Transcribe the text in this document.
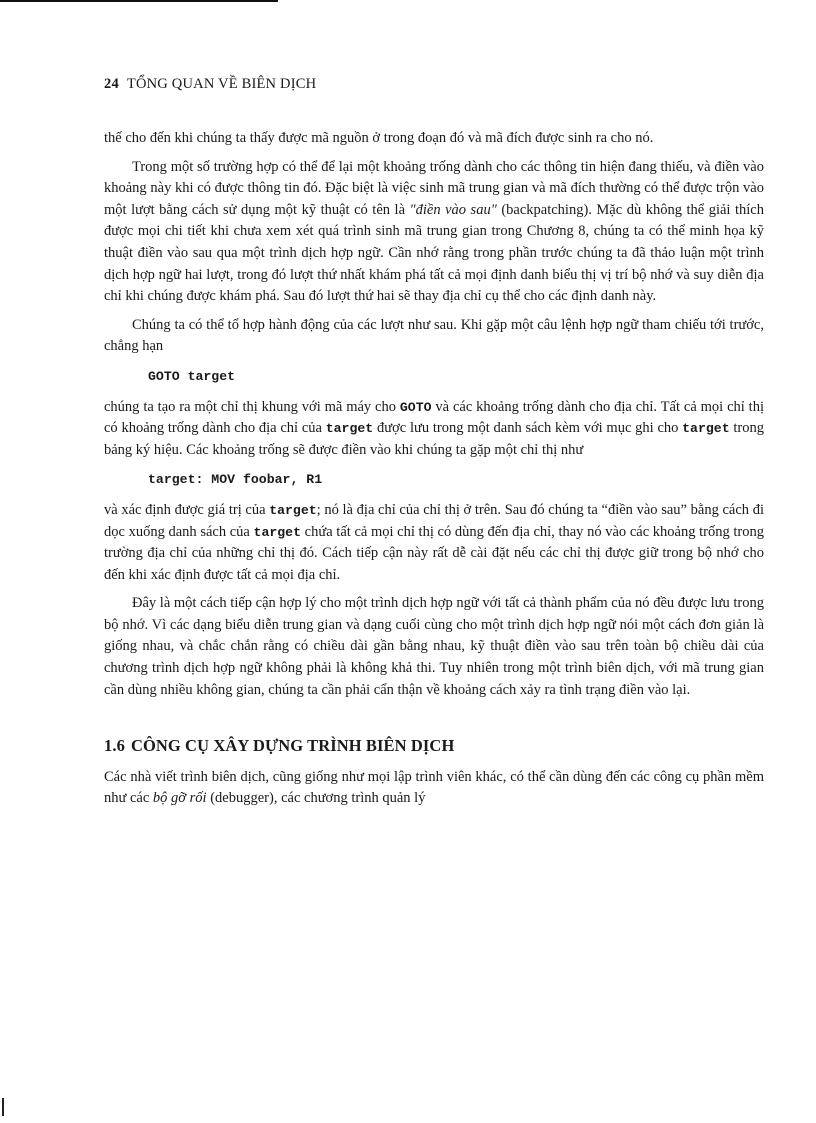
24 TỔNG QUAN VỀ BIÊN DỊCH

thế cho đến khi chúng ta thấy được mã nguồn ở trong đoạn đó và mã đích được sinh ra cho nó.

Trong một số trường hợp có thể để lại một khoảng trống dành cho các thông tin hiện đang thiếu, và điền vào khoảng này khi có được thông tin đó. Đặc biệt là việc sinh mã trung gian và mã đích thường có thể được trộn vào một lượt bằng cách sử dụng một kỹ thuật có tên là "điền vào sau" (backpatching). Mặc dù không thể giải thích được mọi chi tiết khi chưa xem xét quá trình sinh mã trung gian trong Chương 8, chúng ta có thể minh họa kỹ thuật điền vào sau qua một trình dịch hợp ngữ. Cần nhớ rằng trong phần trước chúng ta đã thảo luận một trình dịch hợp ngữ hai lượt, trong đó lượt thứ nhất khám phá tất cả mọi định danh biểu thị vị trí bộ nhớ và suy diễn địa chỉ khi chúng được khám phá. Sau đó lượt thứ hai sẽ thay địa chỉ cụ thể cho các định danh này.

Chúng ta có thể tổ hợp hành động của các lượt như sau. Khi gặp một câu lệnh hợp ngữ tham chiếu tới trước, chẳng hạn

GOTO target

chúng ta tạo ra một chỉ thị khung với mã máy cho GOTO và các khoảng trống dành cho địa chỉ. Tất cả mọi chỉ thị có khoảng trống dành cho địa chỉ của target được lưu trong một danh sách kèm với mục ghi cho target trong bảng ký hiệu. Các khoảng trống sẽ được điền vào khi chúng ta gặp một chỉ thị như

target: MOV foobar, R1

và xác định được giá trị của target; nó là địa chỉ của chỉ thị ở trên. Sau đó chúng ta “điền vào sau” bằng cách đi dọc xuống danh sách của target chứa tất cả mọi chỉ thị có dùng đến địa chỉ, thay nó vào các khoảng trống trong trường địa chỉ của những chỉ thị đó. Cách tiếp cận này rất dễ cài đặt nếu các chỉ thị được giữ trong bộ nhớ cho đến khi xác định được tất cả mọi địa chỉ.

Đây là một cách tiếp cận hợp lý cho một trình dịch hợp ngữ với tất cả thành phẩm của nó đều được lưu trong bộ nhớ. Vì các dạng biểu diễn trung gian và dạng cuối cùng cho một trình dịch hợp ngữ nói một cách đơn giản là giống nhau, và chắc chắn rằng có chiều dài gần bằng nhau, kỹ thuật điền vào sau trên toàn bộ chiều dài của chương trình dịch hợp ngữ không phải là không khả thi. Tuy nhiên trong một trình biên dịch, với mã trung gian cần dùng nhiều không gian, chúng ta cần phải cẩn thận về khoảng cách xảy ra tình trạng điền vào lại.

1.6 CÔNG CỤ XÂY DỰNG TRÌNH BIÊN DỊCH

Các nhà viết trình biên dịch, cũng giống như mọi lập trình viên khác, có thể cần dùng đến các công cụ phần mềm như các bộ gỡ rối (debugger), các chương trình quản lý
